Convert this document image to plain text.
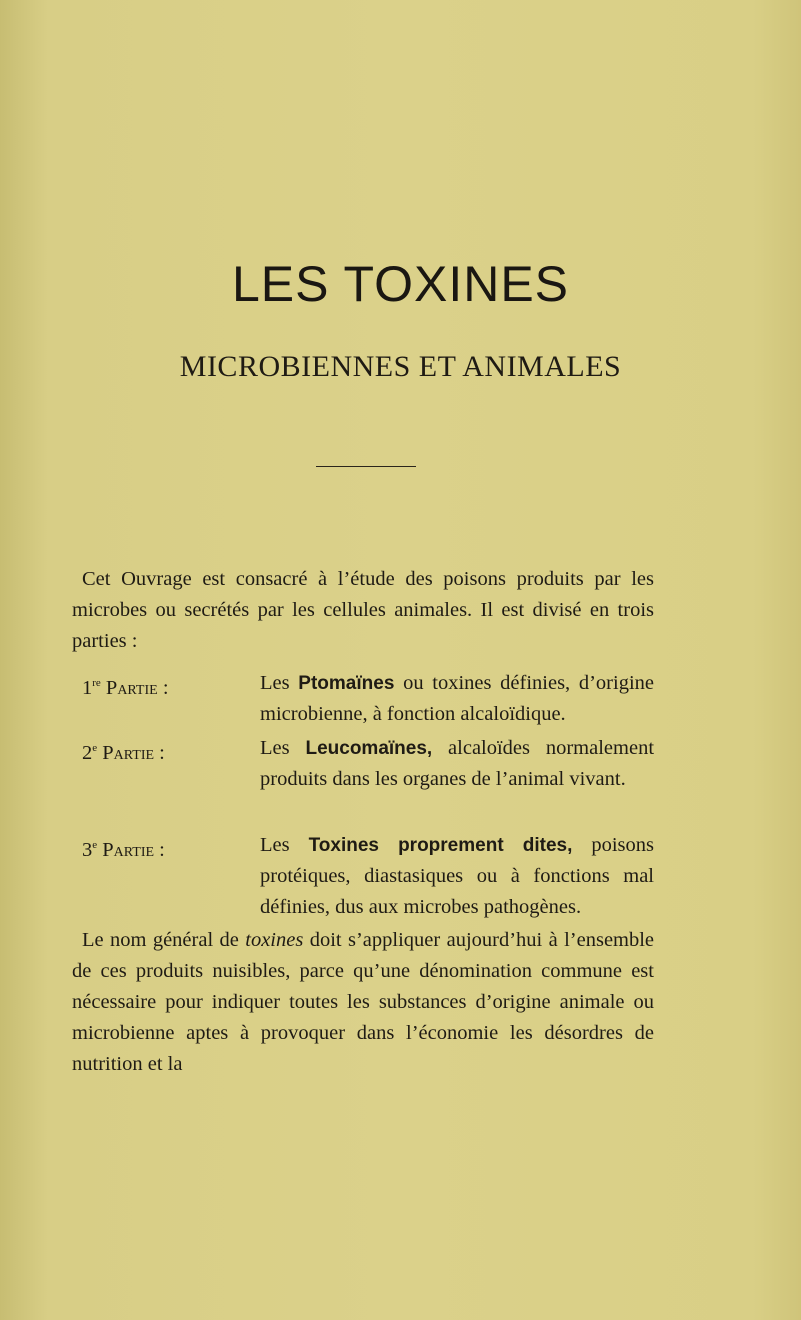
LES TOXINES
MICROBIENNES ET ANIMALES

Cet Ouvrage est consacré à l’étude des poisons produits par les microbes ou secrétés par les cellules animales. Il est divisé en trois parties :

1re Partie :	Les Ptomaïnes ou toxines définies, d’origine microbienne, à fonction alcaloïdique.
2e Partie :	Les Leucomaïnes, alcaloïdes normalement produits dans les organes de l’animal vivant.
3e Partie :	Les Toxines proprement dites, poisons protéiques, diastasiques ou à fonctions mal définies, dus aux microbes pathogènes.

Le nom général de toxines doit s’appliquer aujourd’hui à l’ensemble de ces produits nuisibles, parce qu’une dénomination commune est nécessaire pour indiquer toutes les substances d’origine animale ou microbienne aptes à provoquer dans l’économie les désordres de nutrition et la
